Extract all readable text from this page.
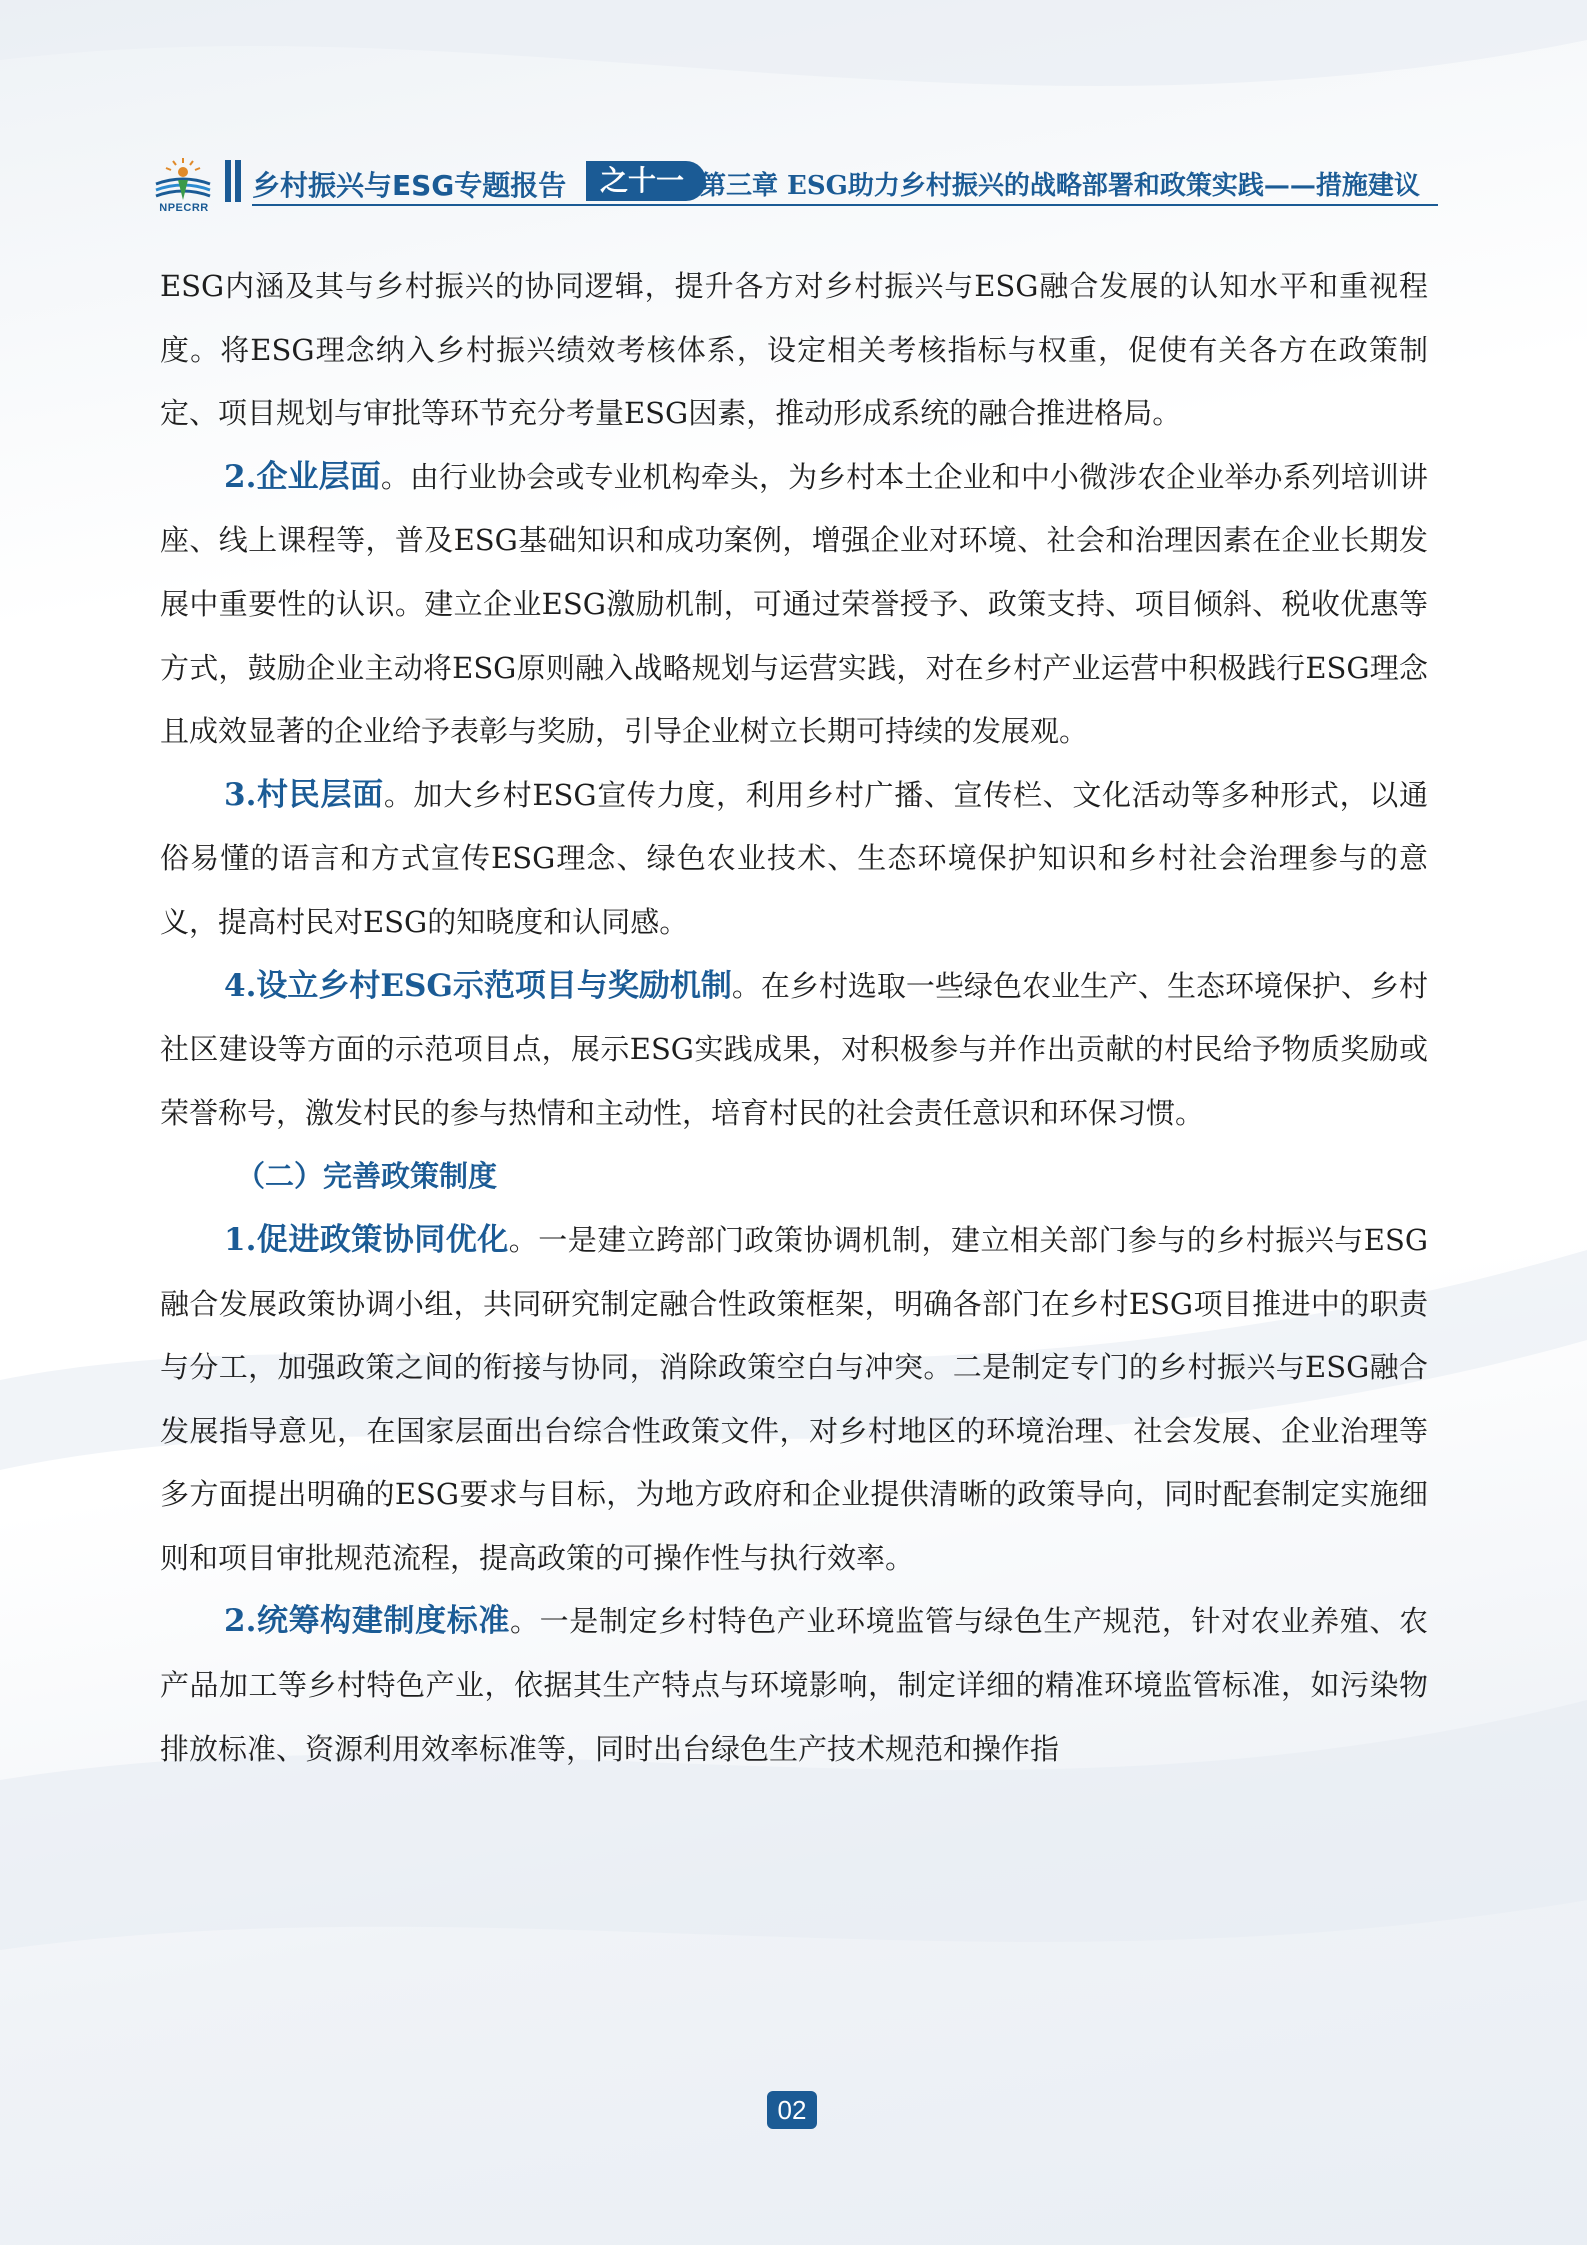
NPECRR
乡村振兴与ESG专题报告	之十一 第三章 ESG助力乡村振兴的战略部署和政策实践——措施建议

ESG内涵及其与乡村振兴的协同逻辑，提升各方对乡村振兴与ESG融合发展的认知水平和重视程度。将ESG理念纳入乡村振兴绩效考核体系，设定相关考核指标与权重，促使有关各方在政策制定、项目规划与审批等环节充分考量ESG因素，推动形成系统的融合推进格局。

2.企业层面。由行业协会或专业机构牵头，为乡村本土企业和中小微涉农企业举办系列培训讲座、线上课程等，普及ESG基础知识和成功案例，增强企业对环境、社会和治理因素在企业长期发展中重要性的认识。建立企业ESG激励机制，可通过荣誉授予、政策支持、项目倾斜、税收优惠等方式，鼓励企业主动将ESG原则融入战略规划与运营实践，对在乡村产业运营中积极践行ESG理念且成效显著的企业给予表彰与奖励，引导企业树立长期可持续的发展观。

3.村民层面。加大乡村ESG宣传力度，利用乡村广播、宣传栏、文化活动等多种形式，以通俗易懂的语言和方式宣传ESG理念、绿色农业技术、生态环境保护知识和乡村社会治理参与的意义，提高村民对ESG的知晓度和认同感。

4.设立乡村ESG示范项目与奖励机制。在乡村选取一些绿色农业生产、生态环境保护、乡村社区建设等方面的示范项目点，展示ESG实践成果，对积极参与并作出贡献的村民给予物质奖励或荣誉称号，激发村民的参与热情和主动性，培育村民的社会责任意识和环保习惯。

（二）完善政策制度

1.促进政策协同优化。一是建立跨部门政策协调机制，建立相关部门参与的乡村振兴与ESG融合发展政策协调小组，共同研究制定融合性政策框架，明确各部门在乡村ESG项目推进中的职责与分工，加强政策之间的衔接与协同，消除政策空白与冲突。二是制定专门的乡村振兴与ESG融合发展指导意见，在国家层面出台综合性政策文件，对乡村地区的环境治理、社会发展、企业治理等多方面提出明确的ESG要求与目标，为地方政府和企业提供清晰的政策导向，同时配套制定实施细则和项目审批规范流程，提高政策的可操作性与执行效率。

2.统筹构建制度标准。一是制定乡村特色产业环境监管与绿色生产规范，针对农业养殖、农产品加工等乡村特色产业，依据其生产特点与环境影响，制定详细的精准环境监管标准，如污染物排放标准、资源利用效率标准等，同时出台绿色生产技术规范和操作指

02
